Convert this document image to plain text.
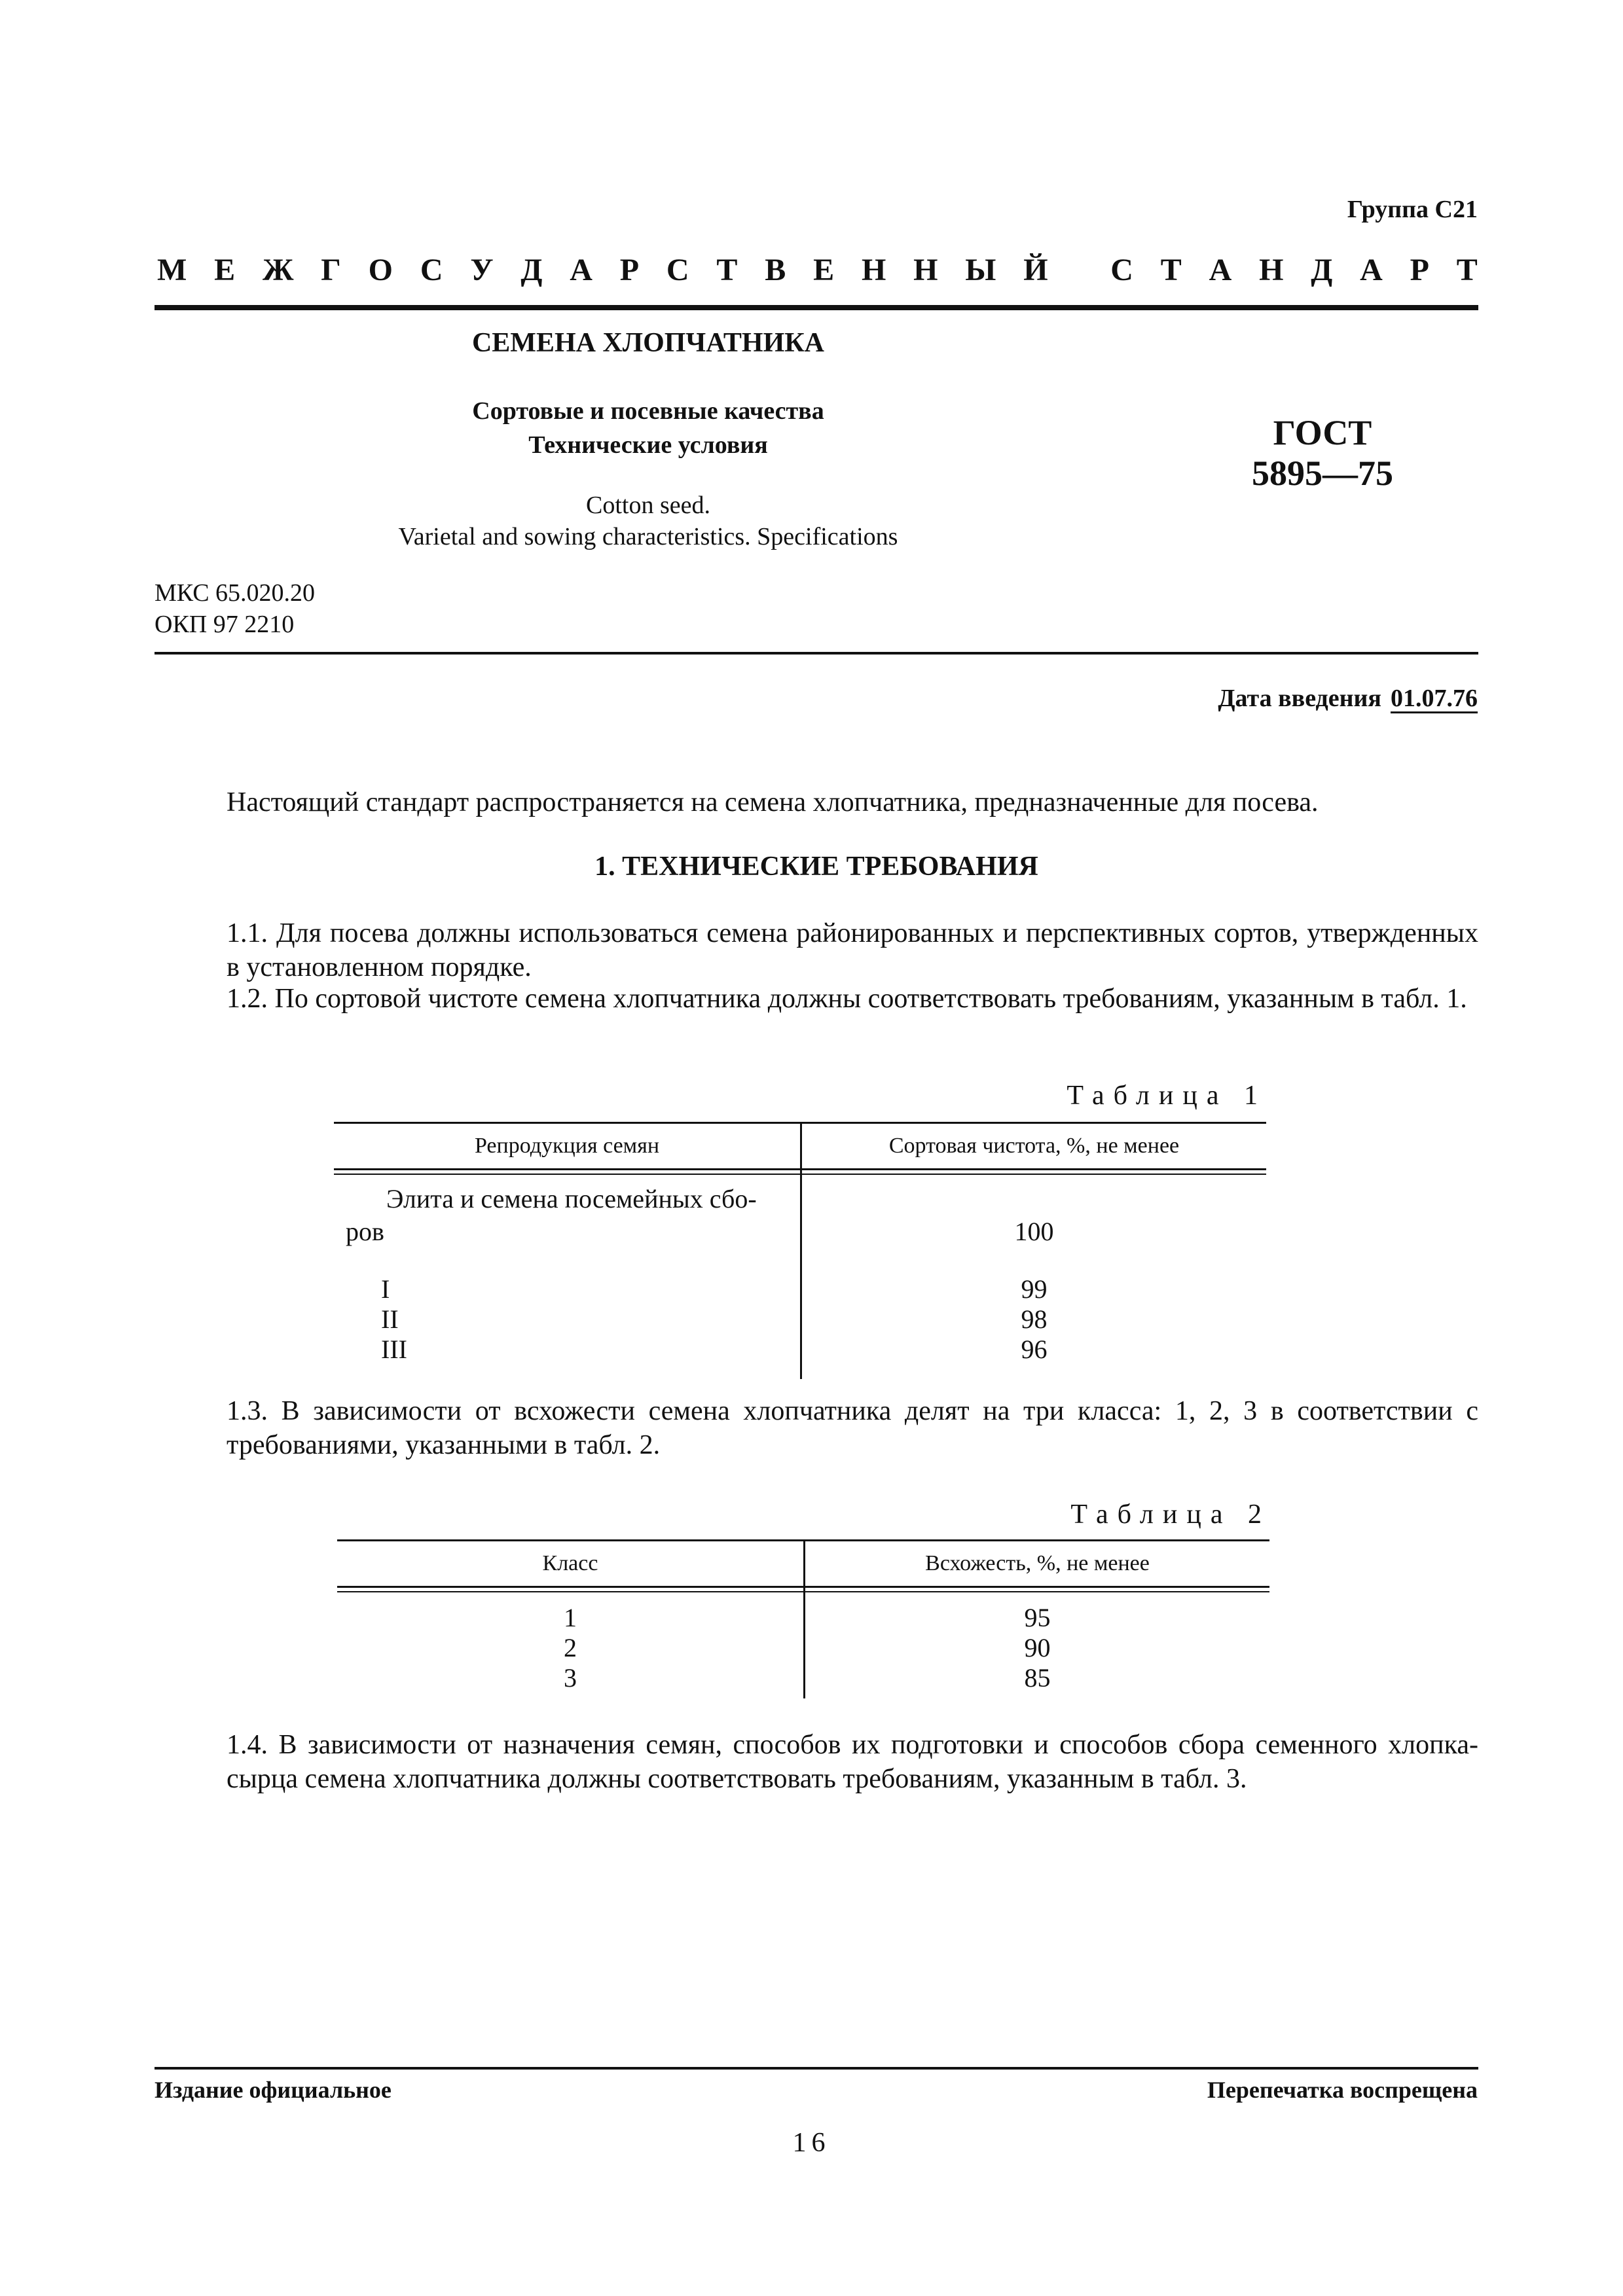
Группа С21
М Е Ж Г О С У Д А Р С Т В Е Н Н Ы Й
С Т А Н Д А Р Т
СЕМЕНА ХЛОПЧАТНИКА
Сортовые и посевные качества
Технические условия
Cotton seed.
Varietal and sowing characteristics. Specifications
ГОСТ
5895—75
МКС 65.020.20
ОКП 97 2210
Дата введения 01.07.76
Настоящий стандарт распространяется на семена хлопчатника, предназначенные для посева.
1. ТЕХНИЧЕСКИЕ ТРЕБОВАНИЯ
1.1. Для посева должны использоваться семена районированных и перспективных сортов, утвержденных в установленном порядке.
1.2. По сортовой чистоте семена хлопчатника должны соответствовать требованиям, указанным в табл. 1.
Таблица 1
Репродукция семян	Сортовая чистота, %, не менее
Элита и семена посемейных сбо-
ров	100
I	99
II	98
III	96
1.3. В зависимости от всхожести семена хлопчатника делят на три класса: 1, 2, 3 в соответствии с требованиями, указанными в табл. 2.
Таблица 2
Класс	Всхожесть, %, не менее
1	95
2	90
3	85
1.4. В зависимости от назначения семян, способов их подготовки и способов сбора семенного хлопка-сырца семена хлопчатника должны соответствовать требованиям, указанным в табл. 3.
Издание официальное	Перепечатка воспрещена
16
